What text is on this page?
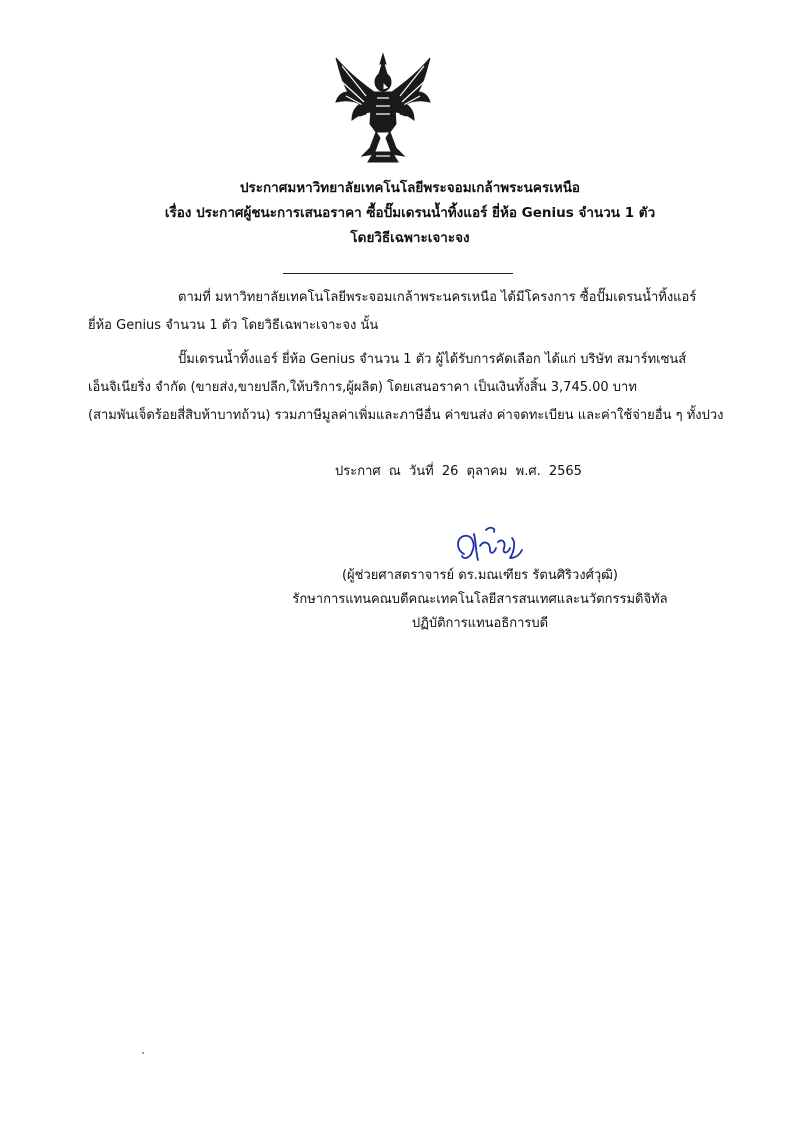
ประกาศมหาวิทยาลัยเทคโนโลยีพระจอมเกล้าพระนครเหนือ
เรื่อง ประกาศผู้ชนะการเสนอราคา ซื้อปั๊มเดรนน้ำทิ้งแอร์ ยี่ห้อ Genius จำนวน 1 ตัว
โดยวิธีเฉพาะเจาะจง
ตามที่ มหาวิทยาลัยเทคโนโลยีพระจอมเกล้าพระนครเหนือ ได้มีโครงการ ซื้อปั๊มเดรนน้ำทิ้งแอร์
ยี่ห้อ Genius จำนวน 1 ตัว โดยวิธีเฉพาะเจาะจง นั้น
ปั๊มเดรนน้ำทิ้งแอร์ ยี่ห้อ Genius จำนวน 1 ตัว ผู้ได้รับการคัดเลือก ได้แก่ บริษัท สมาร์ทเซนส์
เอ็นจิเนียริ่ง จำกัด (ขายส่ง,ขายปลีก,ให้บริการ,ผู้ผลิต) โดยเสนอราคา เป็นเงินทั้งสิ้น 3,745.00 บาท
(สามพันเจ็ดร้อยสี่สิบห้าบาทถ้วน) รวมภาษีมูลค่าเพิ่มและภาษีอื่น ค่าขนส่ง ค่าจดทะเบียน และค่าใช้จ่ายอื่น ๆ ทั้งปวง
ประกาศ ณ วันที่ 26 ตุลาคม พ.ศ. 2565
(ผู้ช่วยศาสตราจารย์ ดร.มณเฑียร รัตนศิริวงศ์วุฒิ)
รักษาการแทนคณบดีคณะเทคโนโลยีสารสนเทศและนวัตกรรมดิจิทัล
ปฏิบัติการแทนอธิการบดี
